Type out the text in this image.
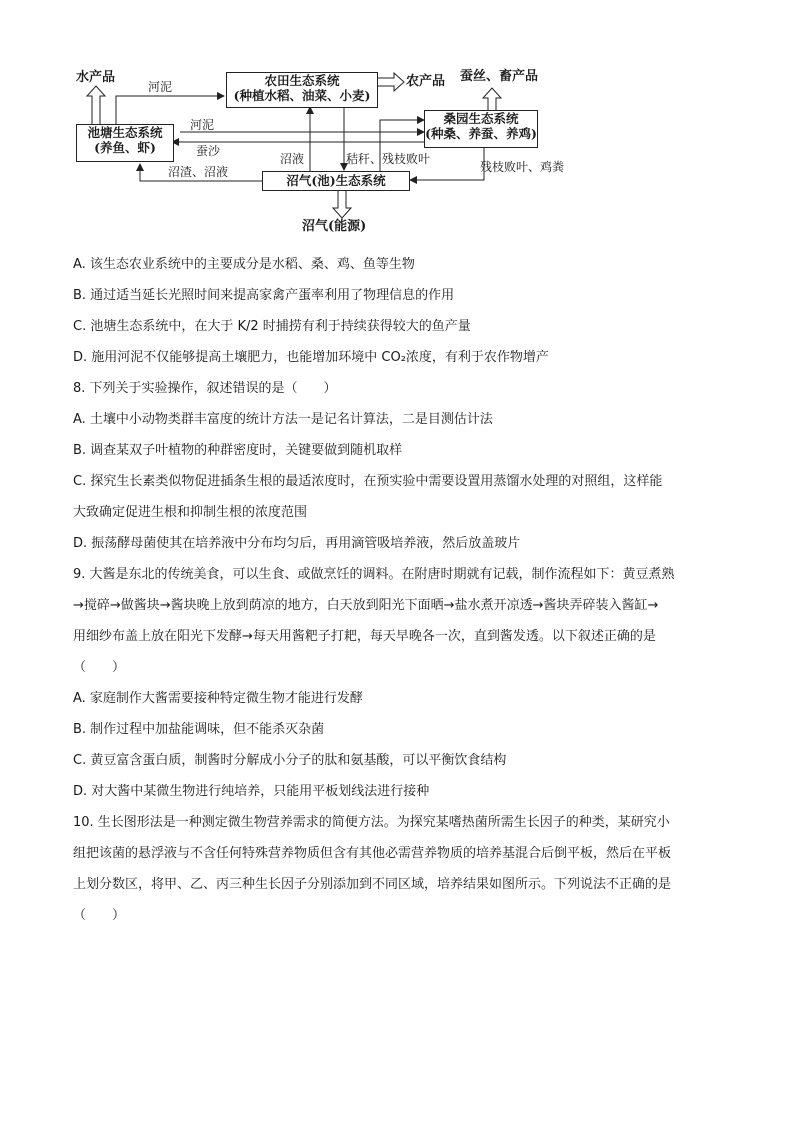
农田生态系统
(种植水稻、油菜、小麦)
池塘生态系统
(养鱼、虾)
桑园生态系统
(种桑、养蚕、养鸡)
沼气(池)生态系统
水产品	农产品 蚕丝、畜产品
河泥
河泥
蚕沙
沼渣、沼液
沼液	秸秆、残枝败叶
残枝败叶、鸡粪
沼气(能源)
A. 该生态农业系统中的主要成分是水稻、桑、鸡、鱼等生物
B. 通过适当延长光照时间来提高家禽产蛋率利用了物理信息的作用
C. 池塘生态系统中，在大于 K/2 时捕捞有利于持续获得较大的鱼产量
D. 施用河泥不仅能够提高土壤肥力，也能增加环境中 CO₂浓度，有利于农作物增产
8. 下列关于实验操作，叙述错误的是（　　）
A. 土壤中小动物类群丰富度的统计方法一是记名计算法，二是目测估计法
B. 调查某双子叶植物的种群密度时，关键要做到随机取样
C. 探究生长素类似物促进插条生根的最适浓度时，在预实验中需要设置用蒸馏水处理的对照组，这样能
大致确定促进生根和抑制生根的浓度范围
D. 振荡酵母菌使其在培养液中分布均匀后，再用滴管吸培养液，然后放盖玻片
9. 大酱是东北的传统美食，可以生食、或做烹饪的调料。在附唐时期就有记载，制作流程如下：黄豆煮熟
→搅碎→做酱块→酱块晚上放到荫凉的地方，白天放到阳光下面晒→盐水煮开凉透→酱块弄碎装入酱缸→
用细纱布盖上放在阳光下发酵→每天用酱粑子打耙，每天早晚各一次，直到酱发透。以下叙述正确的是
（　　）
A. 家庭制作大酱需要接种特定微生物才能进行发酵
B. 制作过程中加盐能调味，但不能杀灭杂菌
C. 黄豆富含蛋白质，制酱时分解成小分子的肽和氨基酸，可以平衡饮食结构
D. 对大酱中某微生物进行纯培养，只能用平板划线法进行接种
10. 生长图形法是一种测定微生物营养需求的简便方法。为探究某嗜热菌所需生长因子的种类，某研究小
组把该菌的悬浮液与不含任何特殊营养物质但含有其他必需营养物质的培养基混合后倒平板，然后在平板
上划分数区，将甲、乙、丙三种生长因子分别添加到不同区域，培养结果如图所示。下列说法不正确的是
（　　）
